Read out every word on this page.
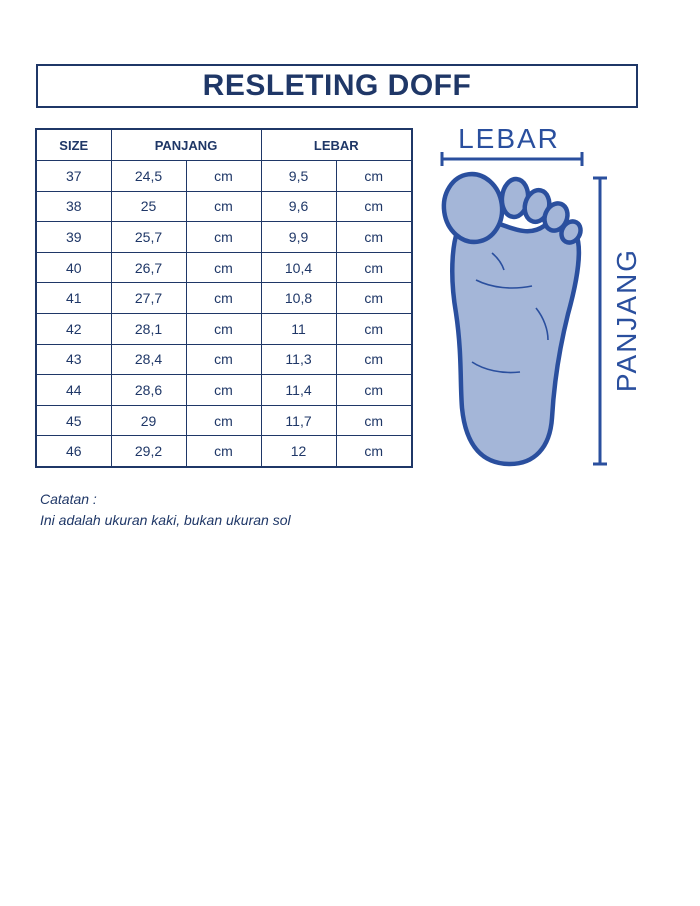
RESLETING DOFF
SIZE	PANJANG		LEBAR	
37	24,5	cm	9,5	cm
38	25	cm	9,6	cm
39	25,7	cm	9,9	cm
40	26,7	cm	10,4	cm
41	27,7	cm	10,8	cm
42	28,1	cm	11	cm
43	28,4	cm	11,3	cm
44	28,6	cm	11,4	cm
45	29	cm	11,7	cm
46	29,2	cm	12	cm
LEBAR
PANJANG
Catatan :
Ini adalah ukuran kaki, bukan ukuran sol
